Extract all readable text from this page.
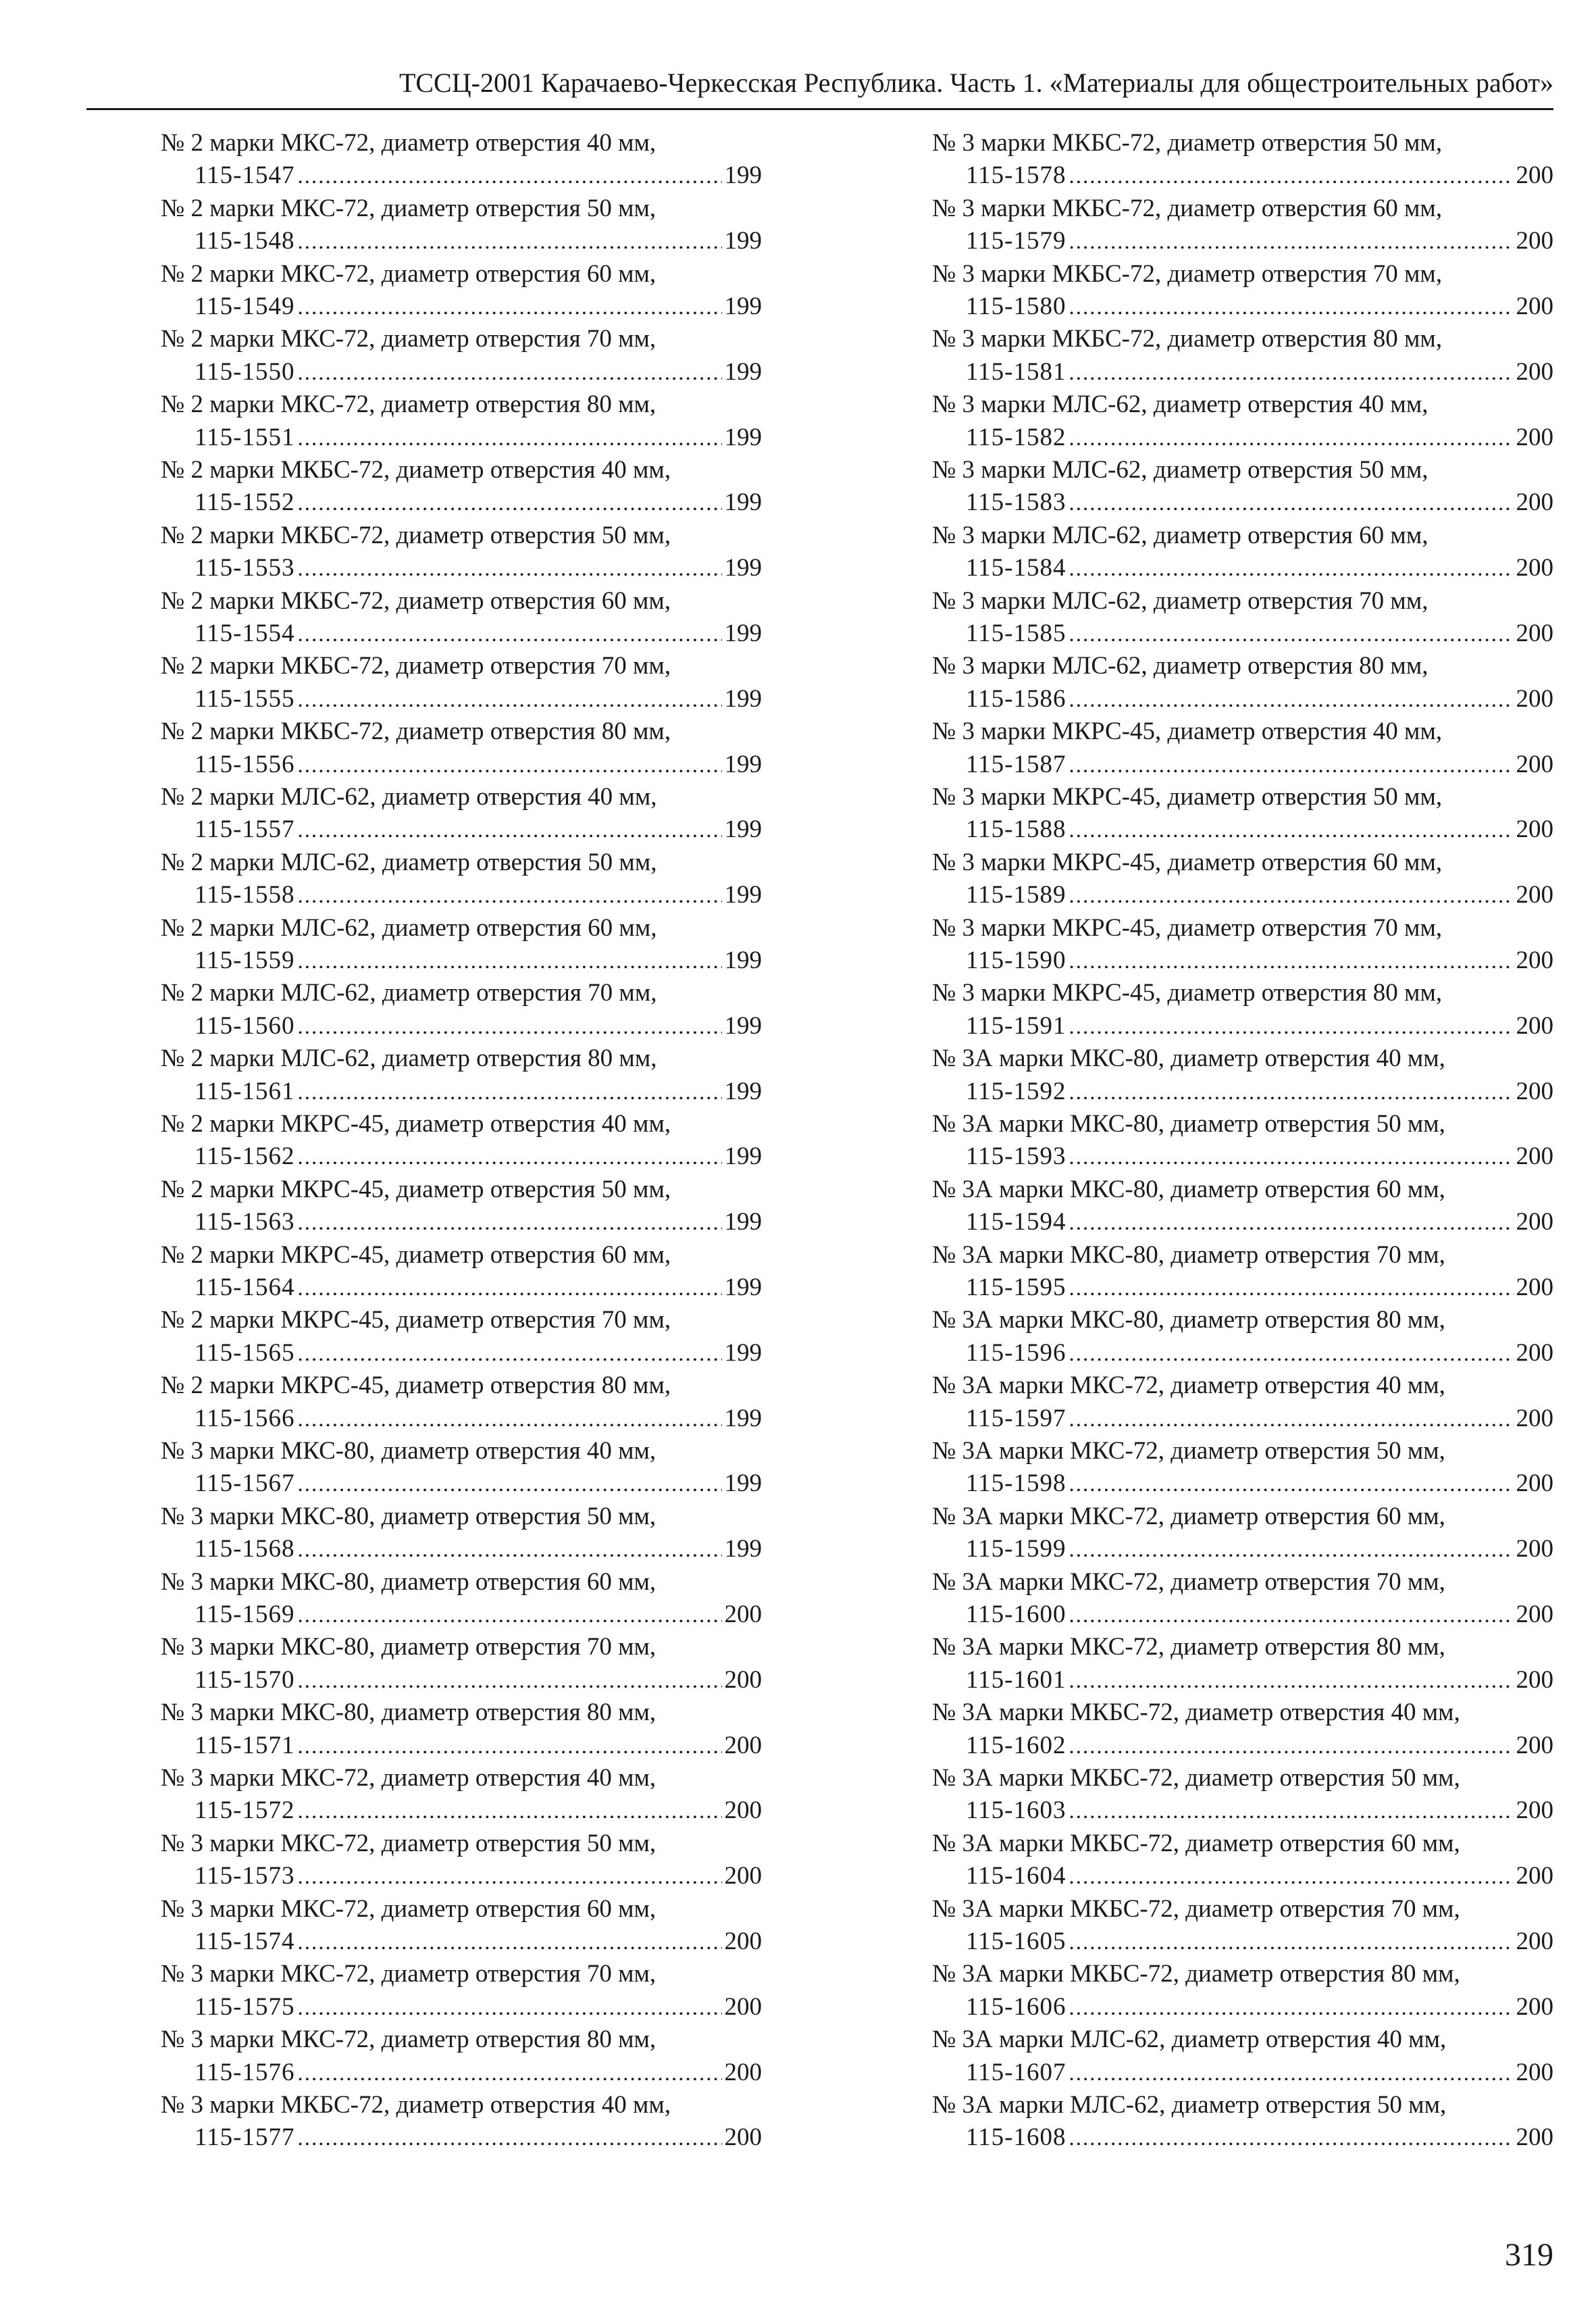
ТССЦ-2001 Карачаево-Черкесская Республика. Часть 1. «Материалы для общестроительных работ»
№ 2 марки МКС-72, диаметр отверстия 40 мм,
115-1547 .....	199
№ 2 марки МКС-72, диаметр отверстия 50 мм,
115-1548 .....	199
№ 2 марки МКС-72, диаметр отверстия 60 мм,
115-1549 .....	199
№ 2 марки МКС-72, диаметр отверстия 70 мм,
115-1550 .....	199
№ 2 марки МКС-72, диаметр отверстия 80 мм,
115-1551 .....	199
№ 2 марки МКБС-72, диаметр отверстия 40 мм,
115-1552 .....	199
№ 2 марки МКБС-72, диаметр отверстия 50 мм,
115-1553 .....	199
№ 2 марки МКБС-72, диаметр отверстия 60 мм,
115-1554 .....	199
№ 2 марки МКБС-72, диаметр отверстия 70 мм,
115-1555 .....	199
№ 2 марки МКБС-72, диаметр отверстия 80 мм,
115-1556 .....	199
№ 2 марки МЛС-62, диаметр отверстия 40 мм,
115-1557 .....	199
№ 2 марки МЛС-62, диаметр отверстия 50 мм,
115-1558 .....	199
№ 2 марки МЛС-62, диаметр отверстия 60 мм,
115-1559 .....	199
№ 2 марки МЛС-62, диаметр отверстия 70 мм,
115-1560 .....	199
№ 2 марки МЛС-62, диаметр отверстия 80 мм,
115-1561 .....	199
№ 2 марки МКРС-45, диаметр отверстия 40 мм,
115-1562 .....	199
№ 2 марки МКРС-45, диаметр отверстия 50 мм,
115-1563 .....	199
№ 2 марки МКРС-45, диаметр отверстия 60 мм,
115-1564 .....	199
№ 2 марки МКРС-45, диаметр отверстия 70 мм,
115-1565 .....	199
№ 2 марки МКРС-45, диаметр отверстия 80 мм,
115-1566 .....	199
№ 3 марки МКС-80, диаметр отверстия 40 мм,
115-1567 .....	199
№ 3 марки МКС-80, диаметр отверстия 50 мм,
115-1568 .....	199
№ 3 марки МКС-80, диаметр отверстия 60 мм,
115-1569 .....	200
№ 3 марки МКС-80, диаметр отверстия 70 мм,
115-1570 .....	200
№ 3 марки МКС-80, диаметр отверстия 80 мм,
115-1571 .....	200
№ 3 марки МКС-72, диаметр отверстия 40 мм,
115-1572 .....	200
№ 3 марки МКС-72, диаметр отверстия 50 мм,
115-1573 .....	200
№ 3 марки МКС-72, диаметр отверстия 60 мм,
115-1574 .....	200
№ 3 марки МКС-72, диаметр отверстия 70 мм,
115-1575 .....	200
№ 3 марки МКС-72, диаметр отверстия 80 мм,
115-1576 .....	200
№ 3 марки МКБС-72, диаметр отверстия 40 мм,
115-1577 .....	200
№ 3 марки МКБС-72, диаметр отверстия 50 мм,
115-1578 .....	200
№ 3 марки МКБС-72, диаметр отверстия 60 мм,
115-1579 .....	200
№ 3 марки МКБС-72, диаметр отверстия 70 мм,
115-1580 .....	200
№ 3 марки МКБС-72, диаметр отверстия 80 мм,
115-1581 .....	200
№ 3 марки МЛС-62, диаметр отверстия 40 мм,
115-1582 .....	200
№ 3 марки МЛС-62, диаметр отверстия 50 мм,
115-1583 .....	200
№ 3 марки МЛС-62, диаметр отверстия 60 мм,
115-1584 .....	200
№ 3 марки МЛС-62, диаметр отверстия 70 мм,
115-1585 .....	200
№ 3 марки МЛС-62, диаметр отверстия 80 мм,
115-1586 .....	200
№ 3 марки МКРС-45, диаметр отверстия 40 мм,
115-1587 .....	200
№ 3 марки МКРС-45, диаметр отверстия 50 мм,
115-1588 .....	200
№ 3 марки МКРС-45, диаметр отверстия 60 мм,
115-1589 .....	200
№ 3 марки МКРС-45, диаметр отверстия 70 мм,
115-1590 .....	200
№ 3 марки МКРС-45, диаметр отверстия 80 мм,
115-1591 .....	200
№ 3А марки МКС-80, диаметр отверстия 40 мм,
115-1592 .....	200
№ 3А марки МКС-80, диаметр отверстия 50 мм,
115-1593 .....	200
№ 3А марки МКС-80, диаметр отверстия 60 мм,
115-1594 .....	200
№ 3А марки МКС-80, диаметр отверстия 70 мм,
115-1595 .....	200
№ 3А марки МКС-80, диаметр отверстия 80 мм,
115-1596 .....	200
№ 3А марки МКС-72, диаметр отверстия 40 мм,
115-1597 .....	200
№ 3А марки МКС-72, диаметр отверстия 50 мм,
115-1598 .....	200
№ 3А марки МКС-72, диаметр отверстия 60 мм,
115-1599 .....	200
№ 3А марки МКС-72, диаметр отверстия 70 мм,
115-1600 .....	200
№ 3А марки МКС-72, диаметр отверстия 80 мм,
115-1601 .....	200
№ 3А марки МКБС-72, диаметр отверстия 40 мм,
115-1602 .....	200
№ 3А марки МКБС-72, диаметр отверстия 50 мм,
115-1603 .....	200
№ 3А марки МКБС-72, диаметр отверстия 60 мм,
115-1604 .....	200
№ 3А марки МКБС-72, диаметр отверстия 70 мм,
115-1605 .....	200
№ 3А марки МКБС-72, диаметр отверстия 80 мм,
115-1606 .....	200
№ 3А марки МЛС-62, диаметр отверстия 40 мм,
115-1607 .....	200
№ 3А марки МЛС-62, диаметр отверстия 50 мм,
115-1608 .....	200
319
